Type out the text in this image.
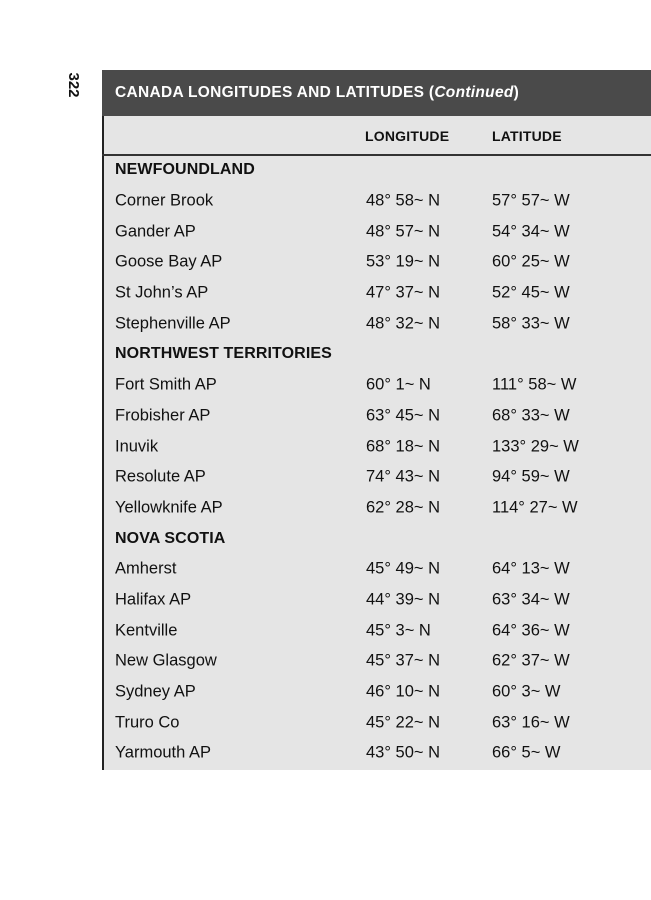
322	CANADA LONGITUDES AND LATITUDES ( Continued )
LONGITUDE	LATITUDE
NEWFOUNDLAND
Corner Brook	48° 58~ N	57° 57~ W
Gander AP	48° 57~ N	54° 34~ W
Goose Bay AP	53° 19~ N	60° 25~ W
St John’s AP	47° 37~ N	52° 45~ W
Stephenville AP	48° 32~ N	58° 33~ W
NORTHWEST TERRITORIES
Fort Smith AP	60° 1~ N	111° 58~ W
Frobisher AP	63° 45~ N	68° 33~ W
Inuvik	68° 18~ N	133° 29~ W
Resolute AP	74° 43~ N	94° 59~ W
Yellowknife AP	62° 28~ N	114° 27~ W
NOVA SCOTIA
Amherst	45° 49~ N	64° 13~ W
Halifax AP	44° 39~ N	63° 34~ W
Kentville	45° 3~ N	64° 36~ W
New Glasgow	45° 37~ N	62° 37~ W
Sydney AP	46° 10~ N	60° 3~ W
Truro Co	45° 22~ N	63° 16~ W
Yarmouth AP	43° 50~ N	66° 5~ W
